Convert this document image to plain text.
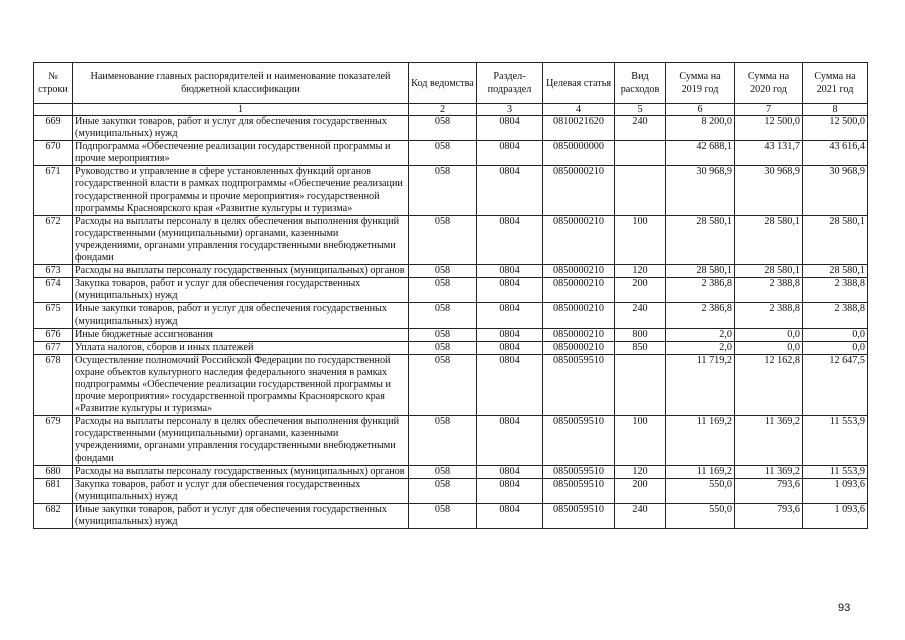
№ строки	Наименование главных распорядителей и наименование показателей бюджетной классификации	Код ведомства	Раздел-подраздел	Целевая статья	Вид расходов	Сумма на 2019 год	Сумма на 2020 год	Сумма на 2021 год
	1	2	3	4	5	6	7	8
669	Иные закупки товаров, работ и услуг для обеспечения государственных (муниципальных) нужд	058	0804	0810021620	240	8 200,0	12 500,0	12 500,0
670	Подпрограмма «Обеспечение реализации государственной программы и прочие мероприятия»	058	0804	0850000000		42 688,1	43 131,7	43 616,4
671	Руководство и управление в сфере установленных функций органов государственной власти в рамках подпрограммы «Обеспечение реализации государственной программы и прочие мероприятия» государственной программы Красноярского края «Развитие культуры и туризма»	058	0804	0850000210		30 968,9	30 968,9	30 968,9
672	Расходы на выплаты персоналу в целях обеспечения выполнения функций государственными (муниципальными) органами, казенными учреждениями, органами управления государственными внебюджетными фондами	058	0804	0850000210	100	28 580,1	28 580,1	28 580,1
673	Расходы на выплаты персоналу государственных (муниципальных) органов	058	0804	0850000210	120	28 580,1	28 580,1	28 580,1
674	Закупка товаров, работ и услуг для обеспечения государственных (муниципальных) нужд	058	0804	0850000210	200	2 386,8	2 388,8	2 388,8
675	Иные закупки товаров, работ и услуг для обеспечения государственных (муниципальных) нужд	058	0804	0850000210	240	2 386,8	2 388,8	2 388,8
676	Иные бюджетные ассигнования	058	0804	0850000210	800	2,0	0,0	0,0
677	Уплата налогов, сборов и иных платежей	058	0804	0850000210	850	2,0	0,0	0,0
678	Осуществление полномочий Российской Федерации по государственной охране объектов культурного наследия федерального значения в рамках подпрограммы «Обеспечение реализации государственной программы и прочие мероприятия» государственной программы Красноярского края «Развитие культуры и туризма»	058	0804	0850059510		11 719,2	12 162,8	12 647,5
679	Расходы на выплаты персоналу в целях обеспечения выполнения функций государственными (муниципальными) органами, казенными учреждениями, органами управления государственными внебюджетными фондами	058	0804	0850059510	100	11 169,2	11 369,2	11 553,9
680	Расходы на выплаты персоналу государственных (муниципальных) органов	058	0804	0850059510	120	11 169,2	11 369,2	11 553,9
681	Закупка товаров, работ и услуг для обеспечения государственных (муниципальных) нужд	058	0804	0850059510	200	550,0	793,6	1 093,6
682	Иные закупки товаров, работ и услуг для обеспечения государственных (муниципальных) нужд	058	0804	0850059510	240	550,0	793,6	1 093,6
93
